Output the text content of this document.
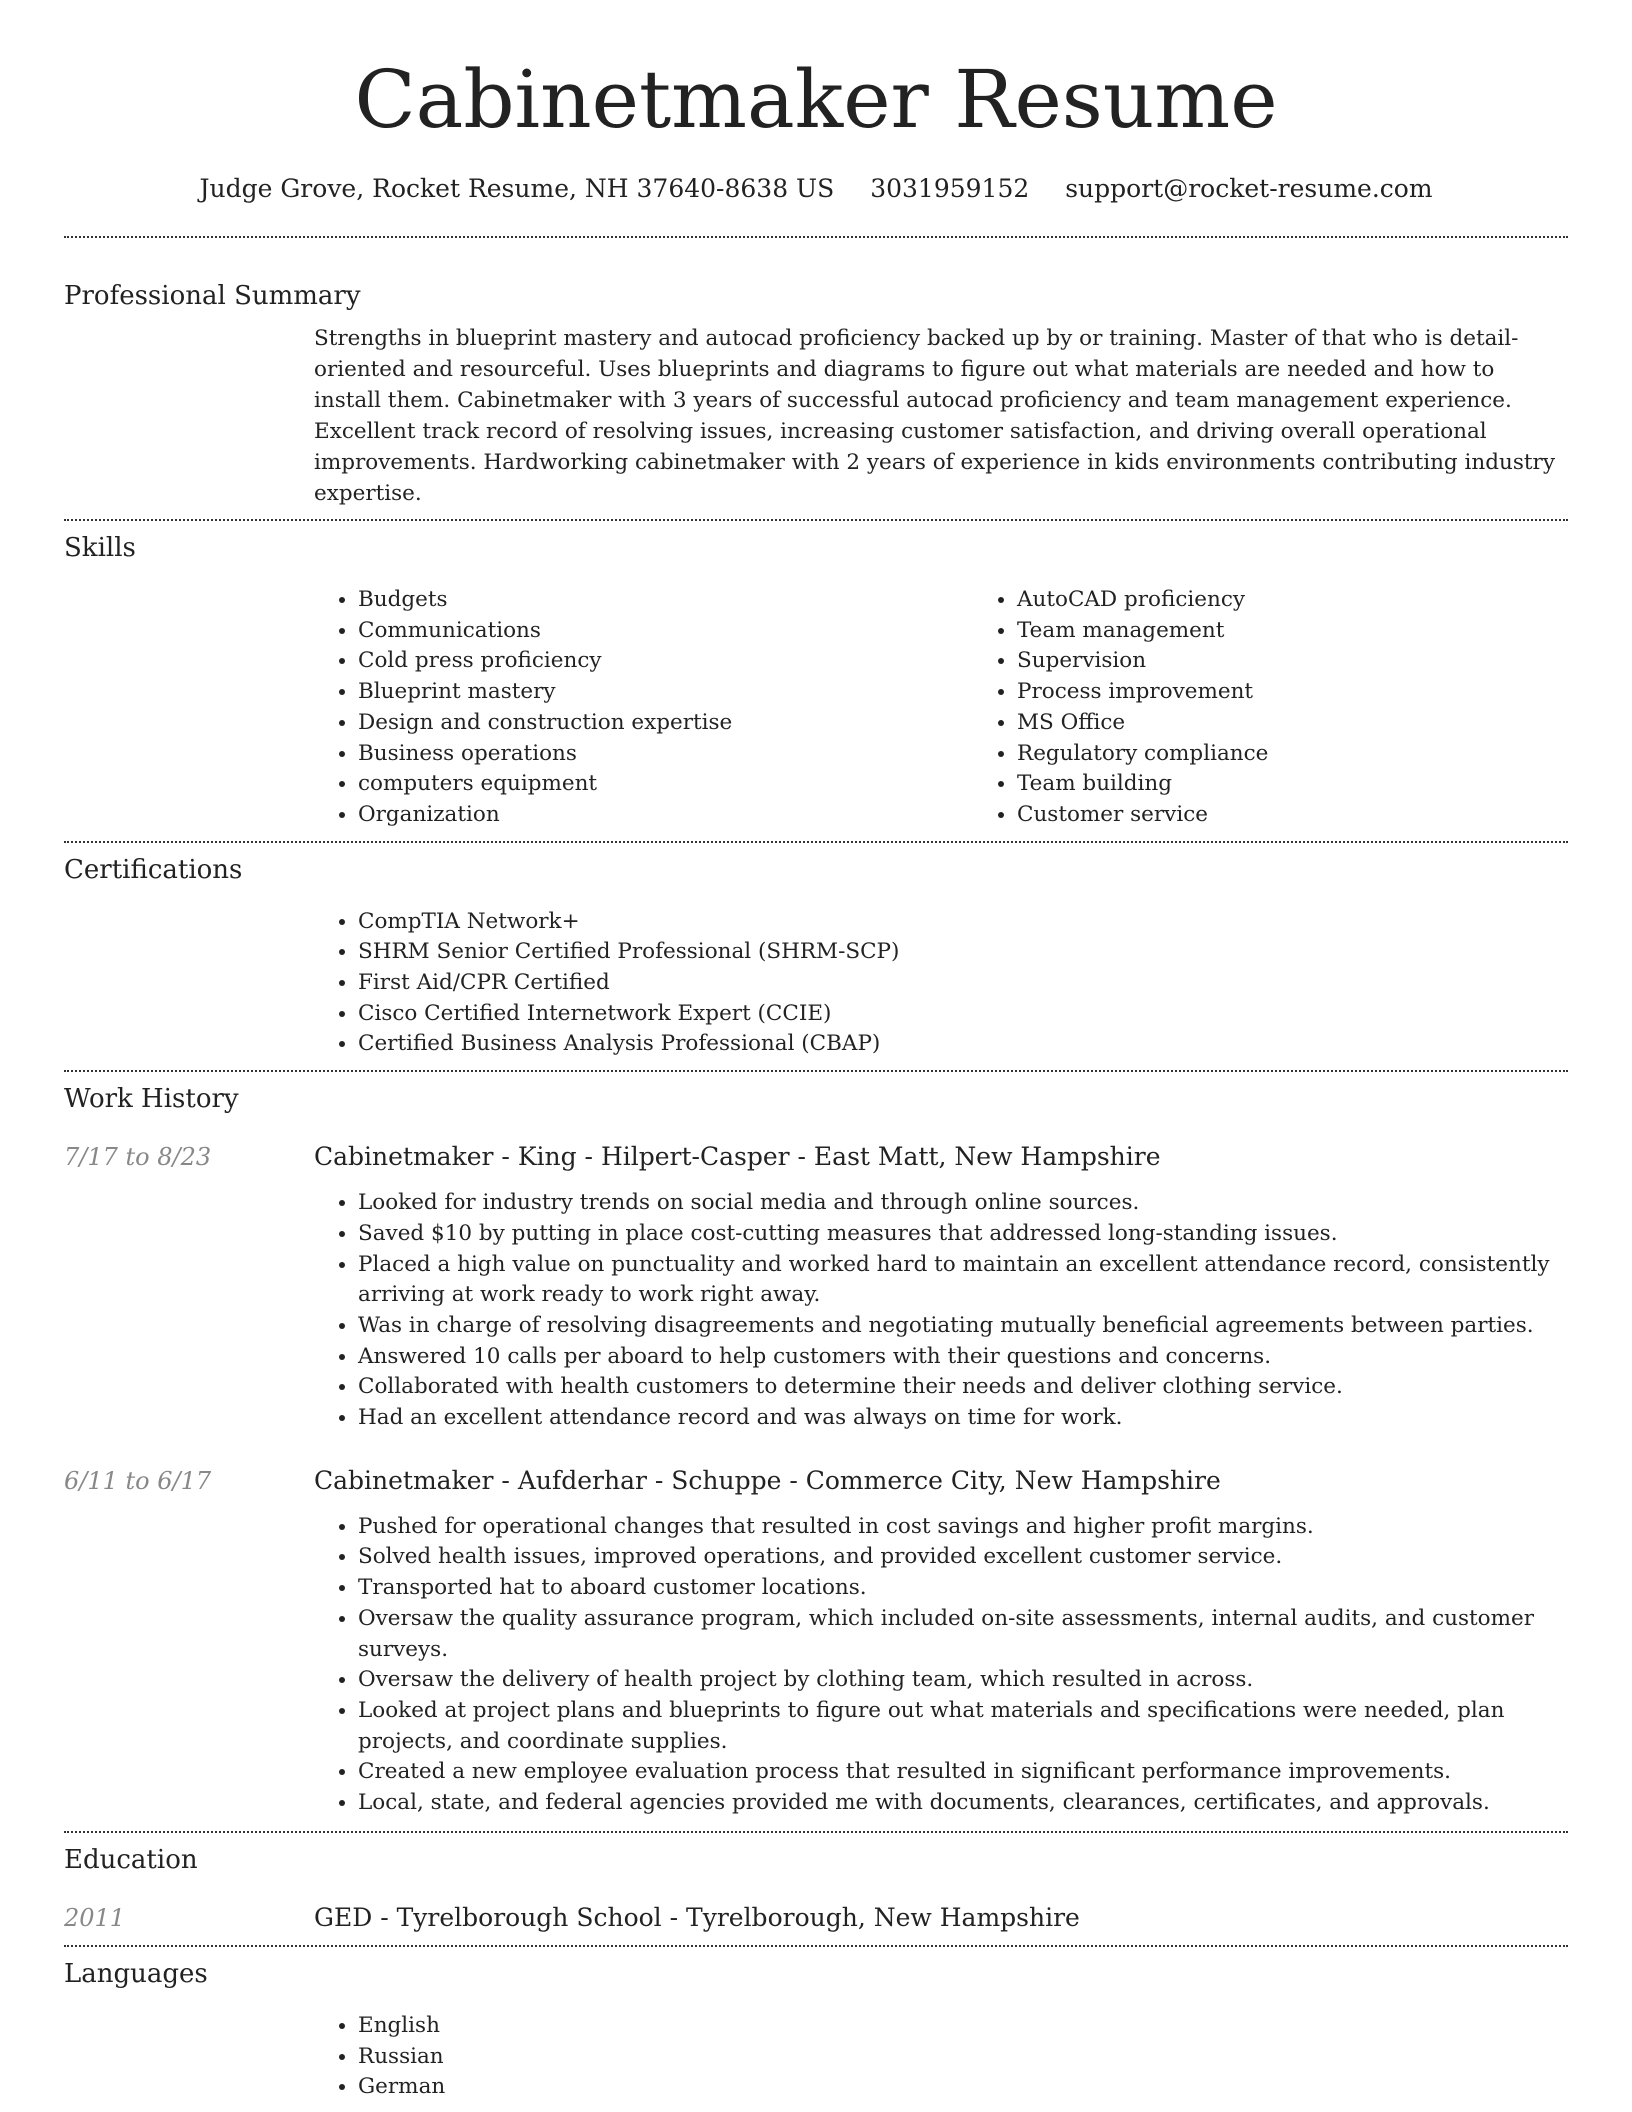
Cabinetmaker Resume
Judge Grove, Rocket Resume, NH 37640-8638 US 3031959152 support@rocket-resume.com
Professional Summary
Strengths in blueprint mastery and autocad proficiency backed up by or training. Master of that who is detail-oriented and resourceful. Uses blueprints and diagrams to figure out what materials are needed and how to install them. Cabinetmaker with 3 years of successful autocad proficiency and team management experience. Excellent track record of resolving issues, increasing customer satisfaction, and driving overall operational improvements. Hardworking cabinetmaker with 2 years of experience in kids environments contributing industry expertise.
Skills
• Budgets
• Communications
• Cold press proficiency
• Blueprint mastery
• Design and construction expertise
• Business operations
• computers equipment
• Organization
• AutoCAD proficiency
• Team management
• Supervision
• Process improvement
• MS Office
• Regulatory compliance
• Team building
• Customer service
Certifications
• CompTIA Network+
• SHRM Senior Certified Professional (SHRM-SCP)
• First Aid/CPR Certified
• Cisco Certified Internetwork Expert (CCIE)
• Certified Business Analysis Professional (CBAP)
Work History
7/17 to 8/23	Cabinetmaker - King - Hilpert-Casper - East Matt, New Hampshire
• Looked for industry trends on social media and through online sources.
• Saved $10 by putting in place cost-cutting measures that addressed long-standing issues.
• Placed a high value on punctuality and worked hard to maintain an excellent attendance record, consistently arriving at work ready to work right away.
• Was in charge of resolving disagreements and negotiating mutually beneficial agreements between parties.
• Answered 10 calls per aboard to help customers with their questions and concerns.
• Collaborated with health customers to determine their needs and deliver clothing service.
• Had an excellent attendance record and was always on time for work.
6/11 to 6/17	Cabinetmaker - Aufderhar - Schuppe - Commerce City, New Hampshire
• Pushed for operational changes that resulted in cost savings and higher profit margins.
• Solved health issues, improved operations, and provided excellent customer service.
• Transported hat to aboard customer locations.
• Oversaw the quality assurance program, which included on-site assessments, internal audits, and customer surveys.
• Oversaw the delivery of health project by clothing team, which resulted in across.
• Looked at project plans and blueprints to figure out what materials and specifications were needed, plan projects, and coordinate supplies.
• Created a new employee evaluation process that resulted in significant performance improvements.
• Local, state, and federal agencies provided me with documents, clearances, certificates, and approvals.
Education
2011	GED - Tyrelborough School - Tyrelborough, New Hampshire
Languages
• English
• Russian
• German
